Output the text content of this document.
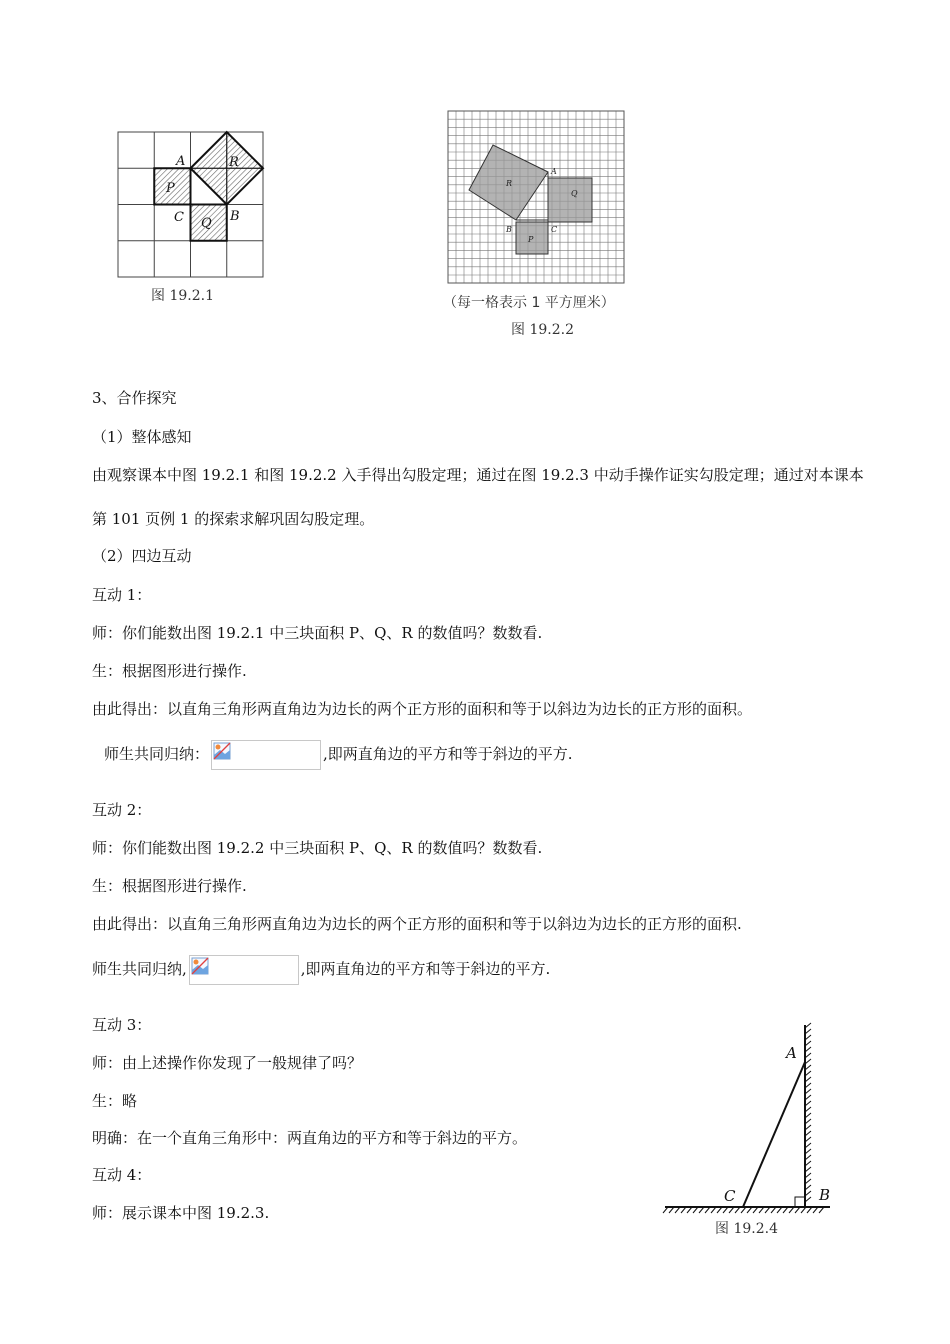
A
P
C Q B
R
图 19.2.1
A
Q
B	C
P
R
（每一格表示 1 平方厘米）
图 19.2.2
3、合作探究
（1）整体感知
由观察课本中图 19.2.1 和图 19.2.2 入手得出勾股定理；通过在图 19.2.3 中动手操作证实勾股定理；通过对本课本第 101 页例 1 的探索求解巩固勾股定理。
（2）四边互动
互动 1：
师：你们能数出图 19.2.1 中三块面积 P、Q、R 的数值吗？数数看.
生：根据图形进行操作.
由此得出：以直角三角形两直角边为边长的两个正方形的面积和等于以斜边为边长的正方形的面积。
师生共同归纳：	,即两直角边的平方和等于斜边的平方.
互动 2：
师：你们能数出图 19.2.2 中三块面积 P、Q、R 的数值吗？数数看.
生：根据图形进行操作.
由此得出：以直角三角形两直角边为边长的两个正方形的面积和等于以斜边为边长的正方形的面积.
师生共同归纳,	,即两直角边的平方和等于斜边的平方.
互动 3：
师：由上述操作你发现了一般规律了吗？
生：略
明确：在一个直角三角形中：两直角边的平方和等于斜边的平方。
互动 4：
师：展示课本中图 19.2.3.
A
C	B
图 19.2.4
